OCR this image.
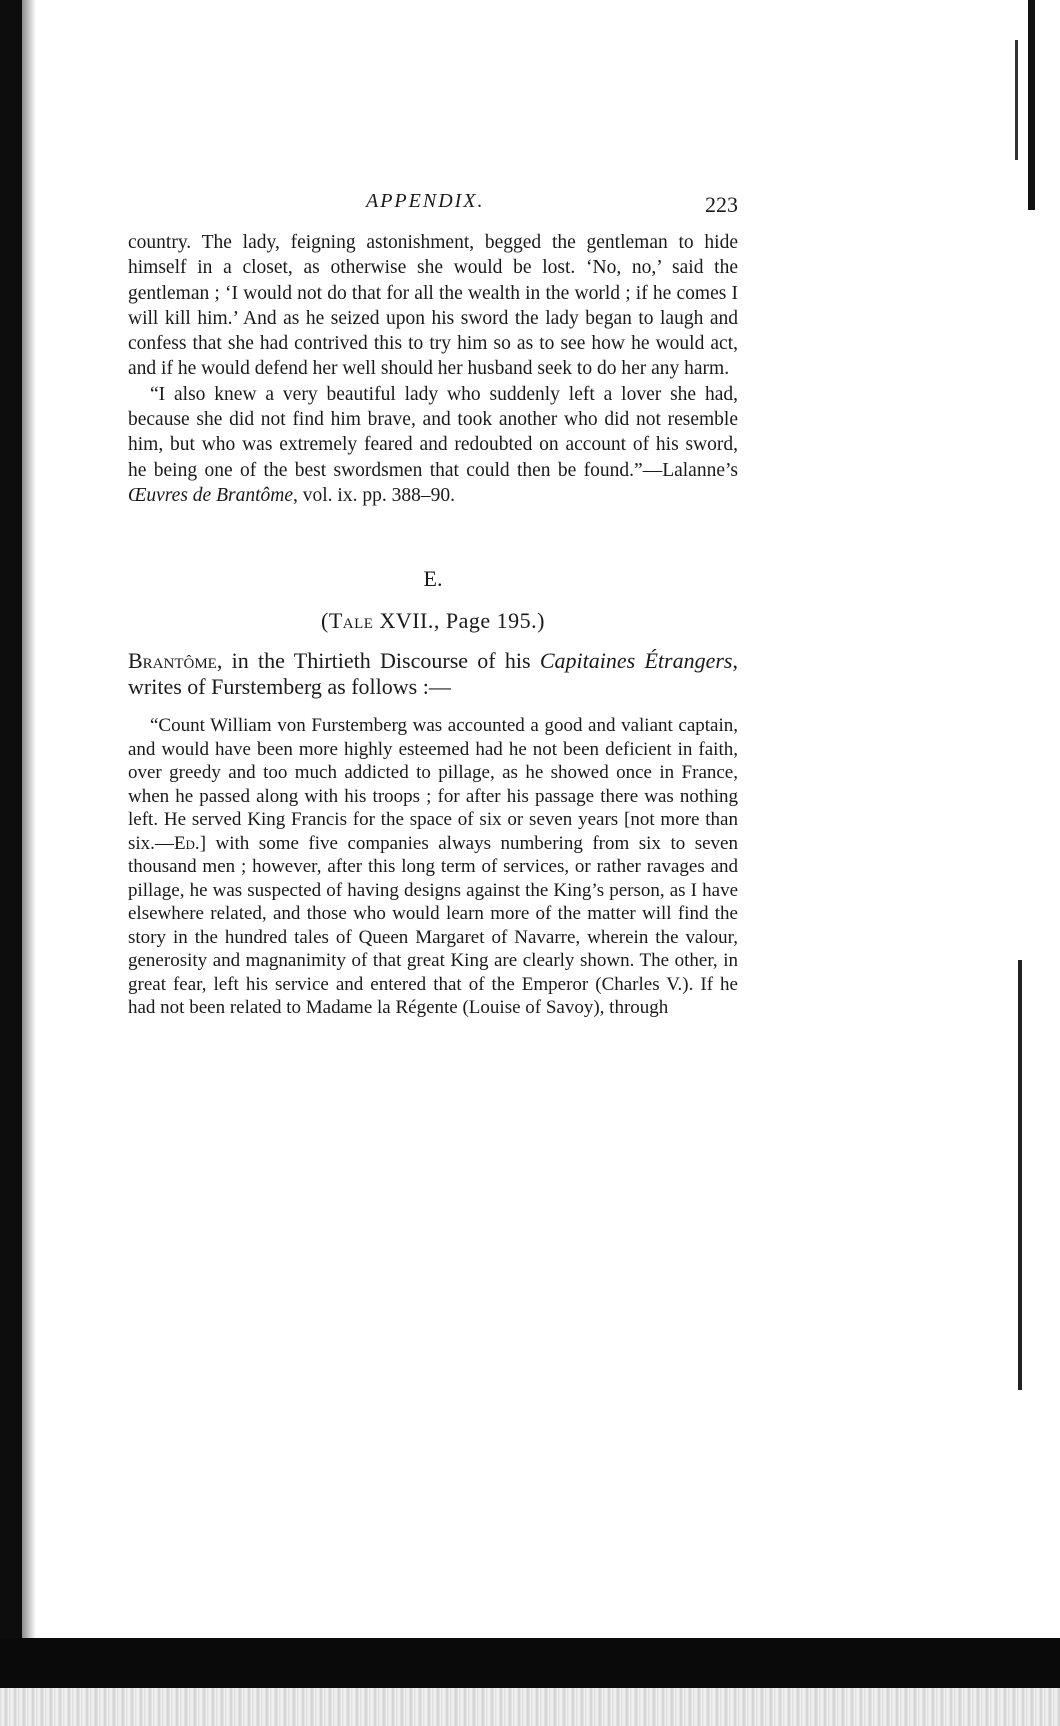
APPENDIX.	223

country. The lady, feigning astonishment, begged the gentleman to hide himself in a closet, as otherwise she would be lost. ‘No, no,’ said the gentleman ; ‘I would not do that for all the wealth in the world ; if he comes I will kill him.’ And as he seized upon his sword the lady began to laugh and confess that she had contrived this to try him so as to see how he would act, and if he would defend her well should her husband seek to do her any harm.

“I also knew a very beautiful lady who suddenly left a lover she had, because she did not find him brave, and took another who did not resemble him, but who was extremely feared and redoubted on account of his sword, he being one of the best swordsmen that could then be found.”—Lalanne’s Œuvres de Brantôme, vol. ix. pp. 388–90.

E.
(Tale XVII., Page 195.)

Brantôme, in the Thirtieth Discourse of his Capitaines Étrangers, writes of Furstemberg as follows :—

“Count William von Furstemberg was accounted a good and valiant captain, and would have been more highly esteemed had he not been deficient in faith, over greedy and too much addicted to pillage, as he showed once in France, when he passed along with his troops ; for after his passage there was nothing left. He served King Francis for the space of six or seven years [not more than six.—Ed.] with some five companies always numbering from six to seven thousand men ; however, after this long term of services, or rather ravages and pillage, he was suspected of having designs against the King’s person, as I have elsewhere related, and those who would learn more of the matter will find the story in the hundred tales of Queen Margaret of Navarre, wherein the valour, generosity and magnanimity of that great King are clearly shown. The other, in great fear, left his service and entered that of the Emperor (Charles V.). If he had not been related to Madame la Régente (Louise of Savoy), through
